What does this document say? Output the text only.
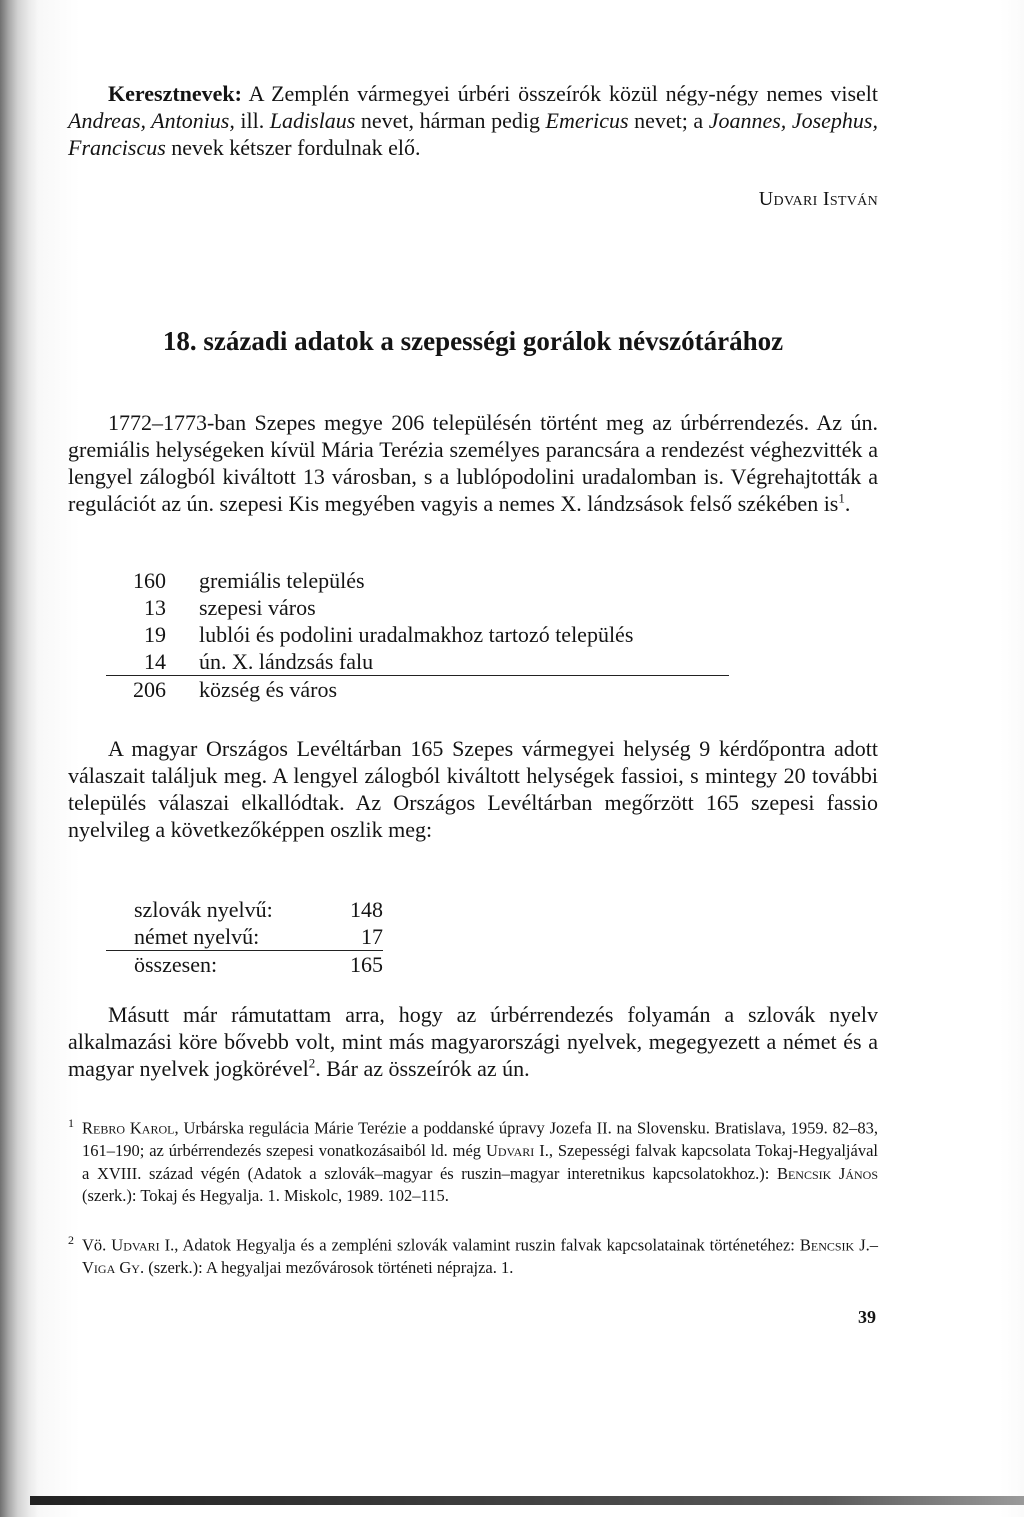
Keresztnevek: A Zemplén vármegyei úrbéri összeírók közül négy-négy nemes viselt Andreas, Antonius, ill. Ladislaus nevet, hárman pedig Emericus nevet; a Joannes, Josephus, Franciscus nevek kétszer fordulnak elő.
Udvari István
18. századi adatok a szepességi gorálok névszótárához
1772–1773-ban Szepes megye 206 településén történt meg az úrbérrendezés. Az ún. gremiális helységeken kívül Mária Terézia személyes parancsára a rendezést véghezvitték a lengyel zálogból kiváltott 13 városban, s a lublópodolini uradalomban is. Végrehajtották a regulációt az ún. szepesi Kis megyében vagyis a nemes X. lándzsások felső székében $is^1$.
160	gremiális település
13	szepesi város
19	lublói és podolini uradalmakhoz tartozó település
14	ún. X. lándzsás falu
206	község és város
A magyar Országos Levéltárban 165 Szepes vármegyei helység 9 kérdőpontra adott válaszait találjuk meg. A lengyel zálogból kiváltott helységek fassioi, s mintegy 20 további település válaszai elkallódtak. Az Országos Levéltárban megőrzött 165 szepesi fassio nyelvileg a következőképpen oszlik meg:
szlovák nyelvű:	148
német nyelvű:	17
összesen:	165
Másutt már rámutattam arra, hogy az úrbérrendezés folyamán a szlovák nyelv alkalmazási köre bővebb volt, mint más magyarországi nyelvek, megegyezett a német és a magyar nyelvek jogkörével$^2$. Bár az összeírók az ún.
$^1$ Rebro Karol, Urbárska regulácia Márie Terézie a poddanské úpravy Jozefa II. na Slovensku. Bratislava, 1959. 82–83, 161–190; az úrbérrendezés szepesi vonatkozásaiból ld. még Udvari I., Szepességi falvak kapcsolata Tokaj-Hegyaljával a XVIII. század végén (Adatok a szlovák–magyar és ruszin–magyar interetnikus kapcsolatokhoz.): Bencsik János (szerk.): Tokaj és Hegyalja. 1. Miskolc, 1989. 102–115.
$^2$ Vö. Udvari I., Adatok Hegyalja és a zempléni szlovák valamint ruszin falvak kapcsolatainak történetéhez: Bencsik J.–Viga Gy. (szerk.): A hegyaljai mezővárosok történeti néprajza. 1.
39
